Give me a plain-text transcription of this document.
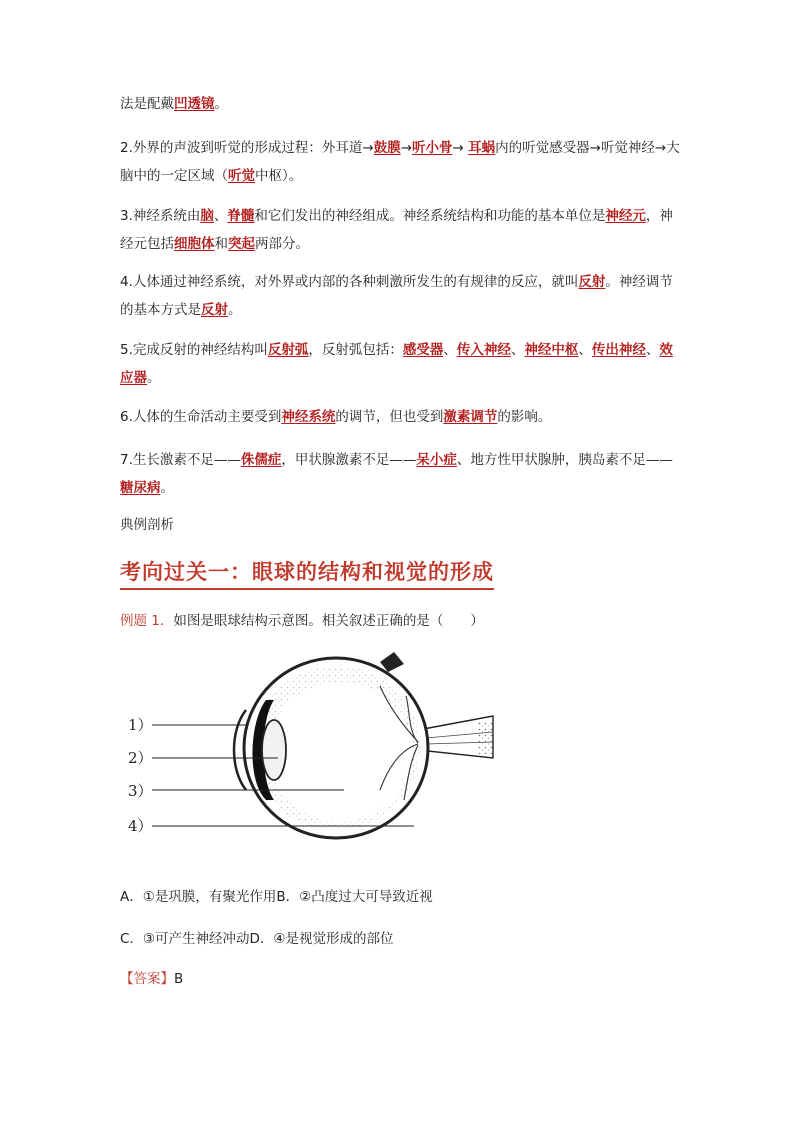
法是配戴凹透镜。
2.外界的声波到听觉的形成过程：外耳道→鼓膜→听小骨→ 耳蜗内的听觉感受器→听觉神经→大脑中的一定区域（听觉中枢）。
3.神经系统由脑、脊髓和它们发出的神经组成。神经系统结构和功能的基本单位是神经元，神经元包括细胞体和突起两部分。
4.人体通过神经系统，对外界或内部的各种刺激所发生的有规律的反应，就叫反射。神经调节的基本方式是反射。
5.完成反射的神经结构叫反射弧，反射弧包括：感受器、传入神经、神经中枢、传出神经、效应器。
6.人体的生命活动主要受到神经系统的调节，但也受到激素调节的影响。
7.生长激素不足——侏儒症，甲状腺激素不足——呆小症、地方性甲状腺肿，胰岛素不足——糖尿病。
典例剖析
考向过关一：眼球的结构和视觉的形成
例题 1．如图是眼球结构示意图。相关叙述正确的是（　　）
1）
2）
3）
4）
A．①是巩膜，有聚光作用B．②凸度过大可导致近视
C．③可产生神经冲动D．④是视觉形成的部位
【答案】B
